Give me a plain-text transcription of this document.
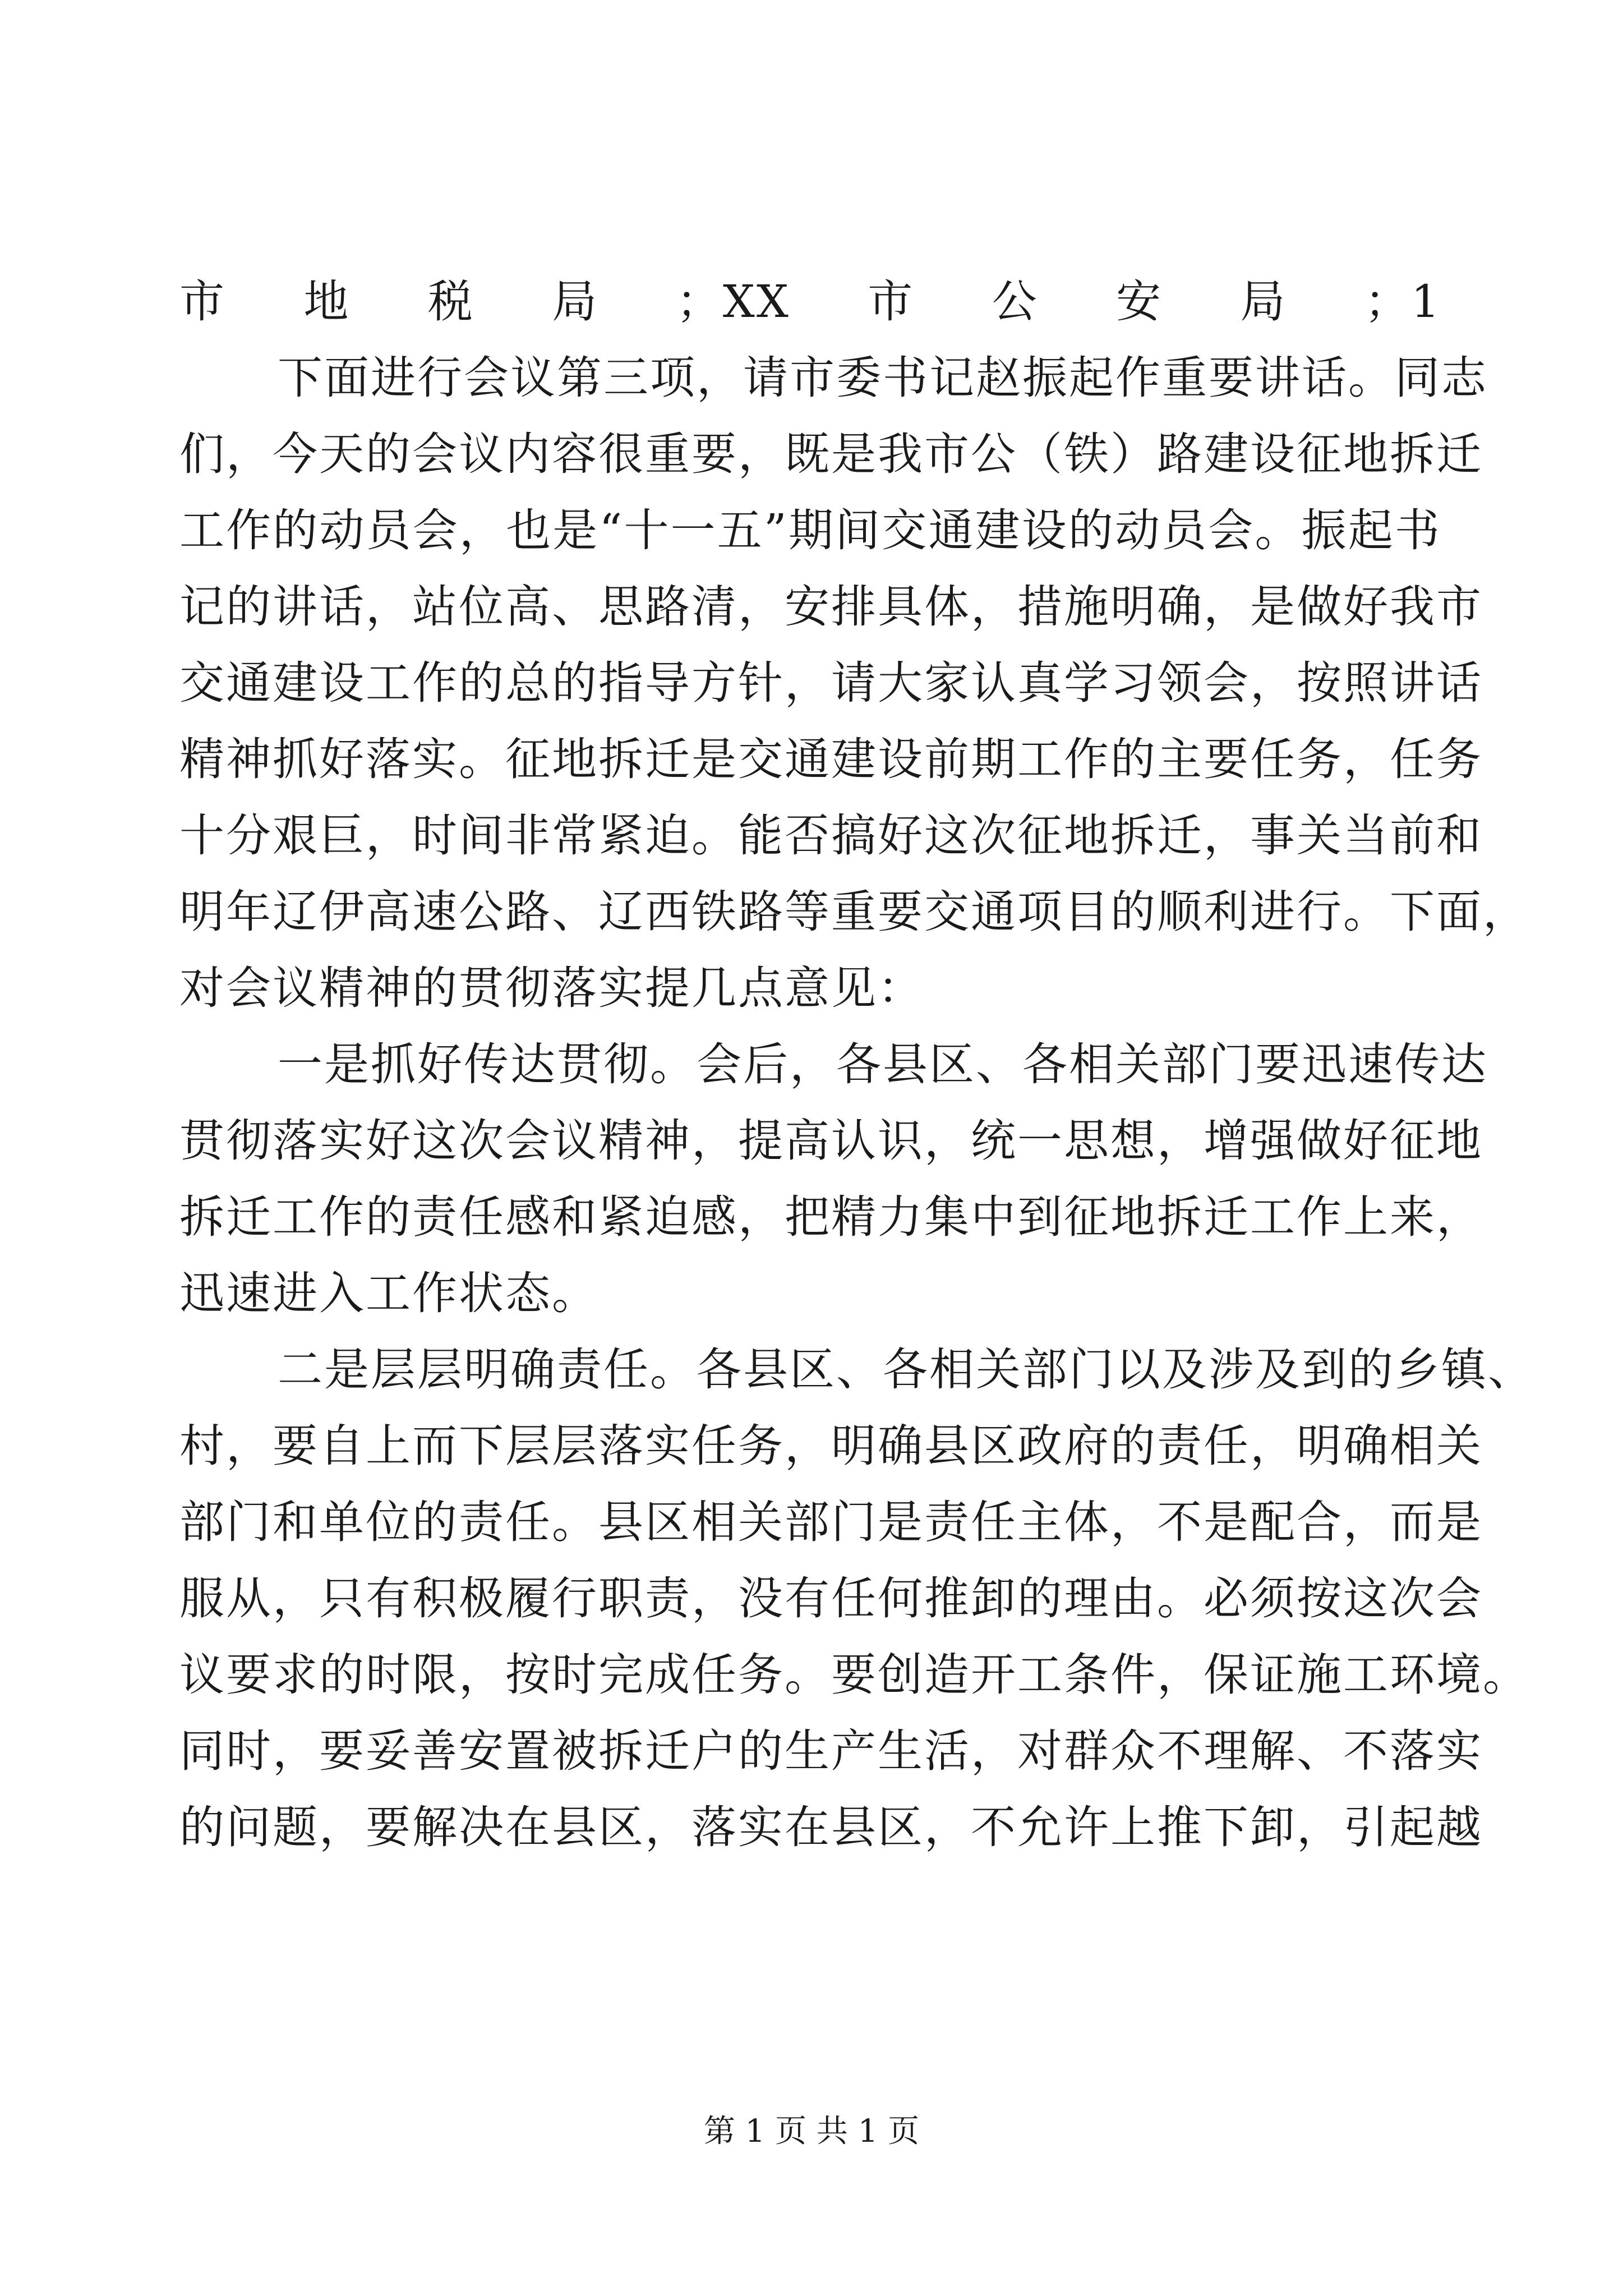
市地税局；XX市公安局；1
下面进行会议第三项，请市委书记赵振起作重要讲话。同志
们，今天的会议内容很重要，既是我市公（铁）路建设征地拆迁
工作的动员会，也是“十一五”期间交通建设的动员会。振起书
记的讲话，站位高、思路清，安排具体，措施明确，是做好我市
交通建设工作的总的指导方针，请大家认真学习领会，按照讲话
精神抓好落实。征地拆迁是交通建设前期工作的主要任务，任务
十分艰巨，时间非常紧迫。能否搞好这次征地拆迁，事关当前和
明年辽伊高速公路、辽西铁路等重要交通项目的顺利进行。下面，
对会议精神的贯彻落实提几点意见：
一是抓好传达贯彻。会后，各县区、各相关部门要迅速传达
贯彻落实好这次会议精神，提高认识，统一思想，增强做好征地
拆迁工作的责任感和紧迫感，把精力集中到征地拆迁工作上来，
迅速进入工作状态。
二是层层明确责任。各县区、各相关部门以及涉及到的乡镇、
村，要自上而下层层落实任务，明确县区政府的责任，明确相关
部门和单位的责任。县区相关部门是责任主体，不是配合，而是
服从，只有积极履行职责，没有任何推卸的理由。必须按这次会
议要求的时限，按时完成任务。要创造开工条件，保证施工环境。
同时，要妥善安置被拆迁户的生产生活，对群众不理解、不落实
的问题，要解决在县区，落实在县区，不允许上推下卸，引起越
第 1 页 共 1 页
